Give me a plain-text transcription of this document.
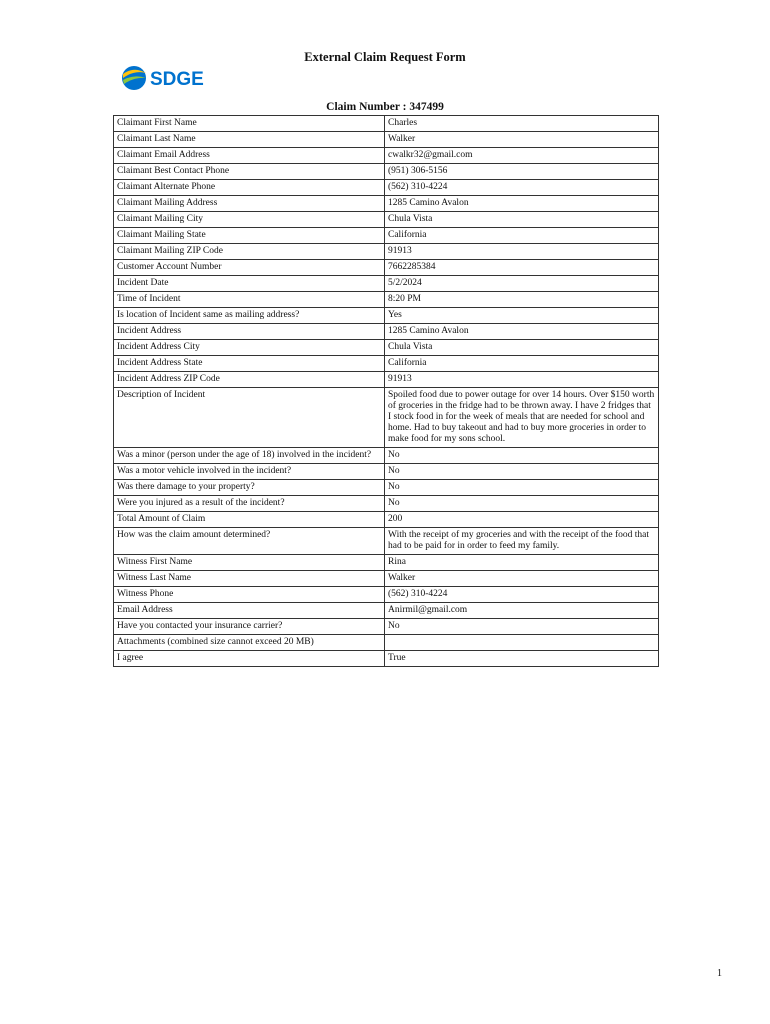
External Claim Request Form
SDGE
Claim Number : 347499
Claimant First Name	Charles
Claimant Last Name	Walker
Claimant Email Address	cwalkr32@gmail.com
Claimant Best Contact Phone	(951) 306-5156
Claimant Alternate Phone	(562) 310-4224
Claimant Mailing Address	1285 Camino Avalon
Claimant Mailing City	Chula Vista
Claimant Mailing State	California
Claimant Mailing ZIP Code	91913
Customer Account Number	7662285384
Incident Date	5/2/2024
Time of Incident	8:20 PM
Is location of Incident same as mailing address?	Yes
Incident Address	1285 Camino Avalon
Incident Address City	Chula Vista
Incident Address State	California
Incident Address ZIP Code	91913
Description of Incident	Spoiled food due to power outage for over 14 hours. Over $150 worth of groceries in the fridge had to be thrown away. I have 2 fridges that I stock food in for the week of meals that are needed for school and home. Had to buy takeout and had to buy more groceries in order to make food for my sons school.
Was a minor (person under the age of 18) involved in the incident?	No
Was a motor vehicle involved in the incident?	No
Was there damage to your property?	No
Were you injured as a result of the incident?	No
Total Amount of Claim	200
How was the claim amount determined?	With the receipt of my groceries and with the receipt of the food that had to be paid for in order to feed my family.
Witness First Name	Rina
Witness Last Name	Walker
Witness Phone	(562) 310-4224
Email Address	Anirmil@gmail.com
Have you contacted your insurance carrier?	No
Attachments (combined size cannot exceed 20 MB)	
I agree	True
1
